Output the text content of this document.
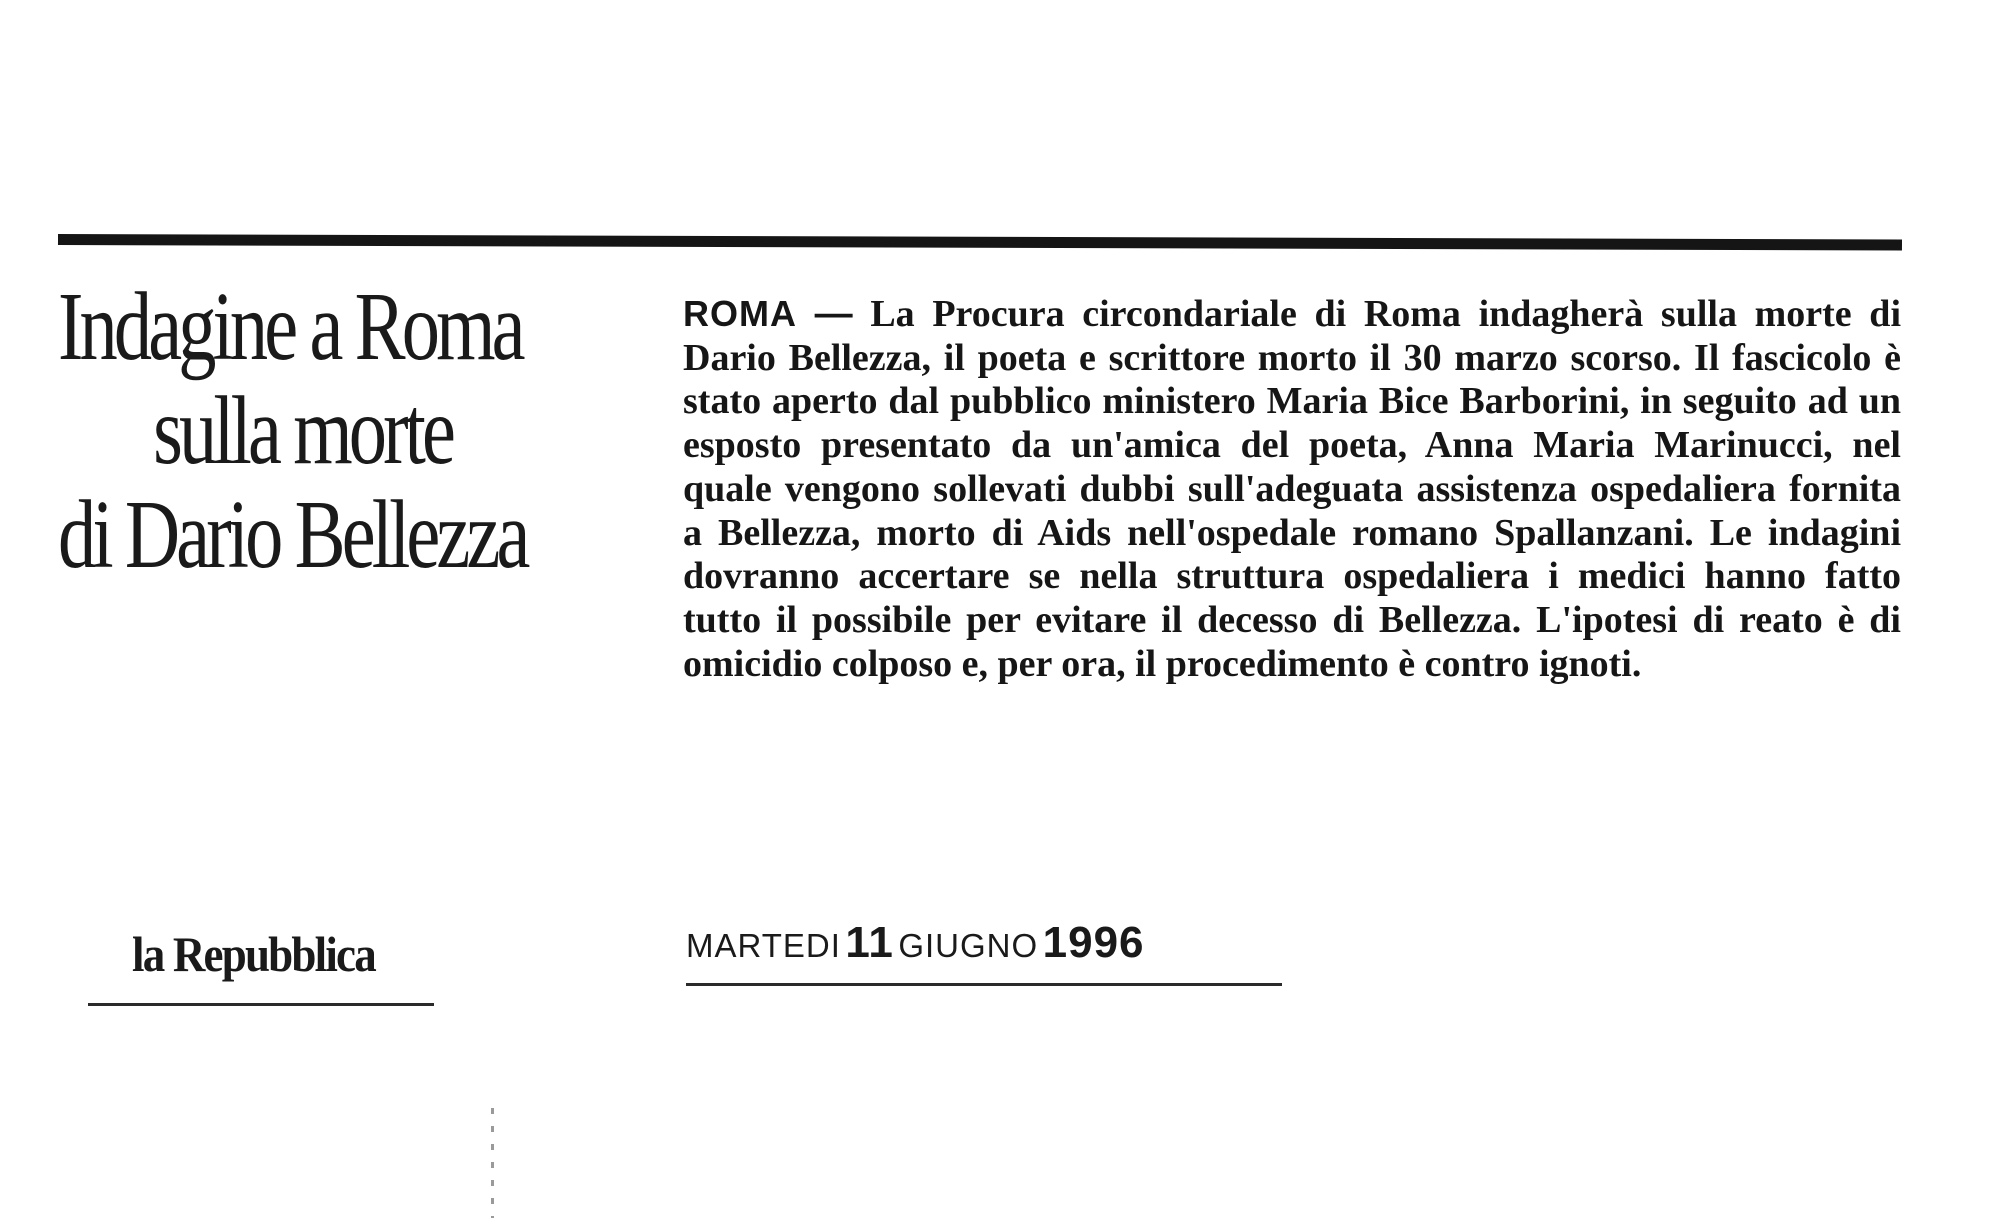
Indagine a Roma
sulla morte
di Dario Bellezza
ROMA — La Procura circondariale di Roma indagherà sulla morte di Dario Bellezza, il poeta e scrittore morto il 30 marzo scorso. Il fascicolo è stato aperto dal pubblico ministero Maria Bice Barborini, in seguito ad un esposto presentato da un'amica del poeta, Anna Maria Marinucci, nel quale vengono sollevati dubbi sull'adeguata assistenza ospedaliera fornita a Bellezza, morto di Aids nell'ospedale romano Spallanzani. Le indagini dovranno accertare se nella struttura ospedaliera i medici hanno fatto tutto il possibile per evitare il decesso di Bellezza. L'ipotesi di reato è di omicidio colposo e, per ora, il procedimento è contro ignoti.
la Repubblica	MARTEDI 11 GIUGNO 1996
